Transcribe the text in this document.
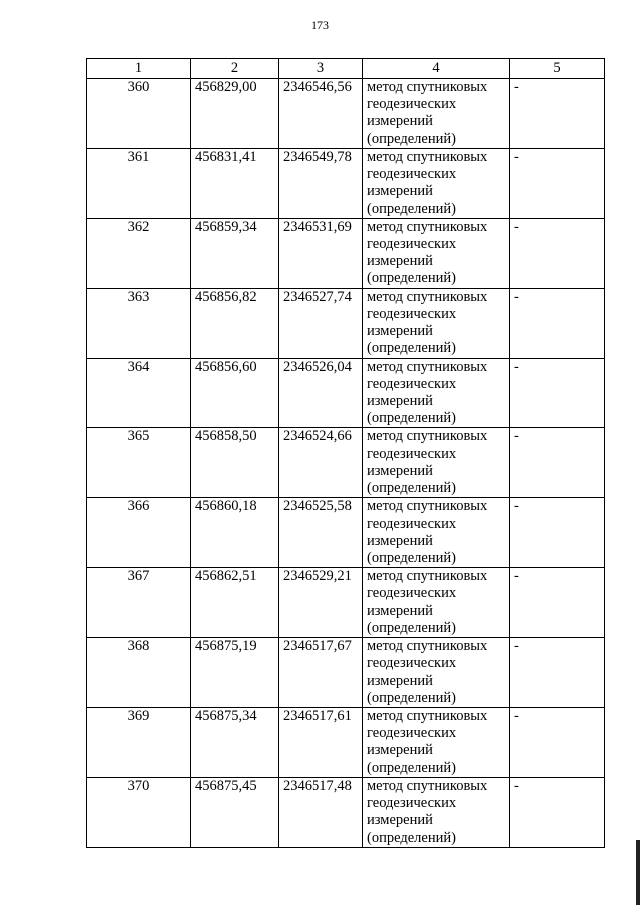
173
1	2	3	4	5
360	456829,00	2346546,56	метод спутниковых
геодезических
измерений
(определений)	-
361	456831,41	2346549,78	метод спутниковых
геодезических
измерений
(определений)	-
362	456859,34	2346531,69	метод спутниковых
геодезических
измерений
(определений)	-
363	456856,82	2346527,74	метод спутниковых
геодезических
измерений
(определений)	-
364	456856,60	2346526,04	метод спутниковых
геодезических
измерений
(определений)	-
365	456858,50	2346524,66	метод спутниковых
геодезических
измерений
(определений)	-
366	456860,18	2346525,58	метод спутниковых
геодезических
измерений
(определений)	-
367	456862,51	2346529,21	метод спутниковых
геодезических
измерений
(определений)	-
368	456875,19	2346517,67	метод спутниковых
геодезических
измерений
(определений)	-
369	456875,34	2346517,61	метод спутниковых
геодезических
измерений
(определений)	-
370	456875,45	2346517,48	метод спутниковых
геодезических
измерений
(определений)	-
